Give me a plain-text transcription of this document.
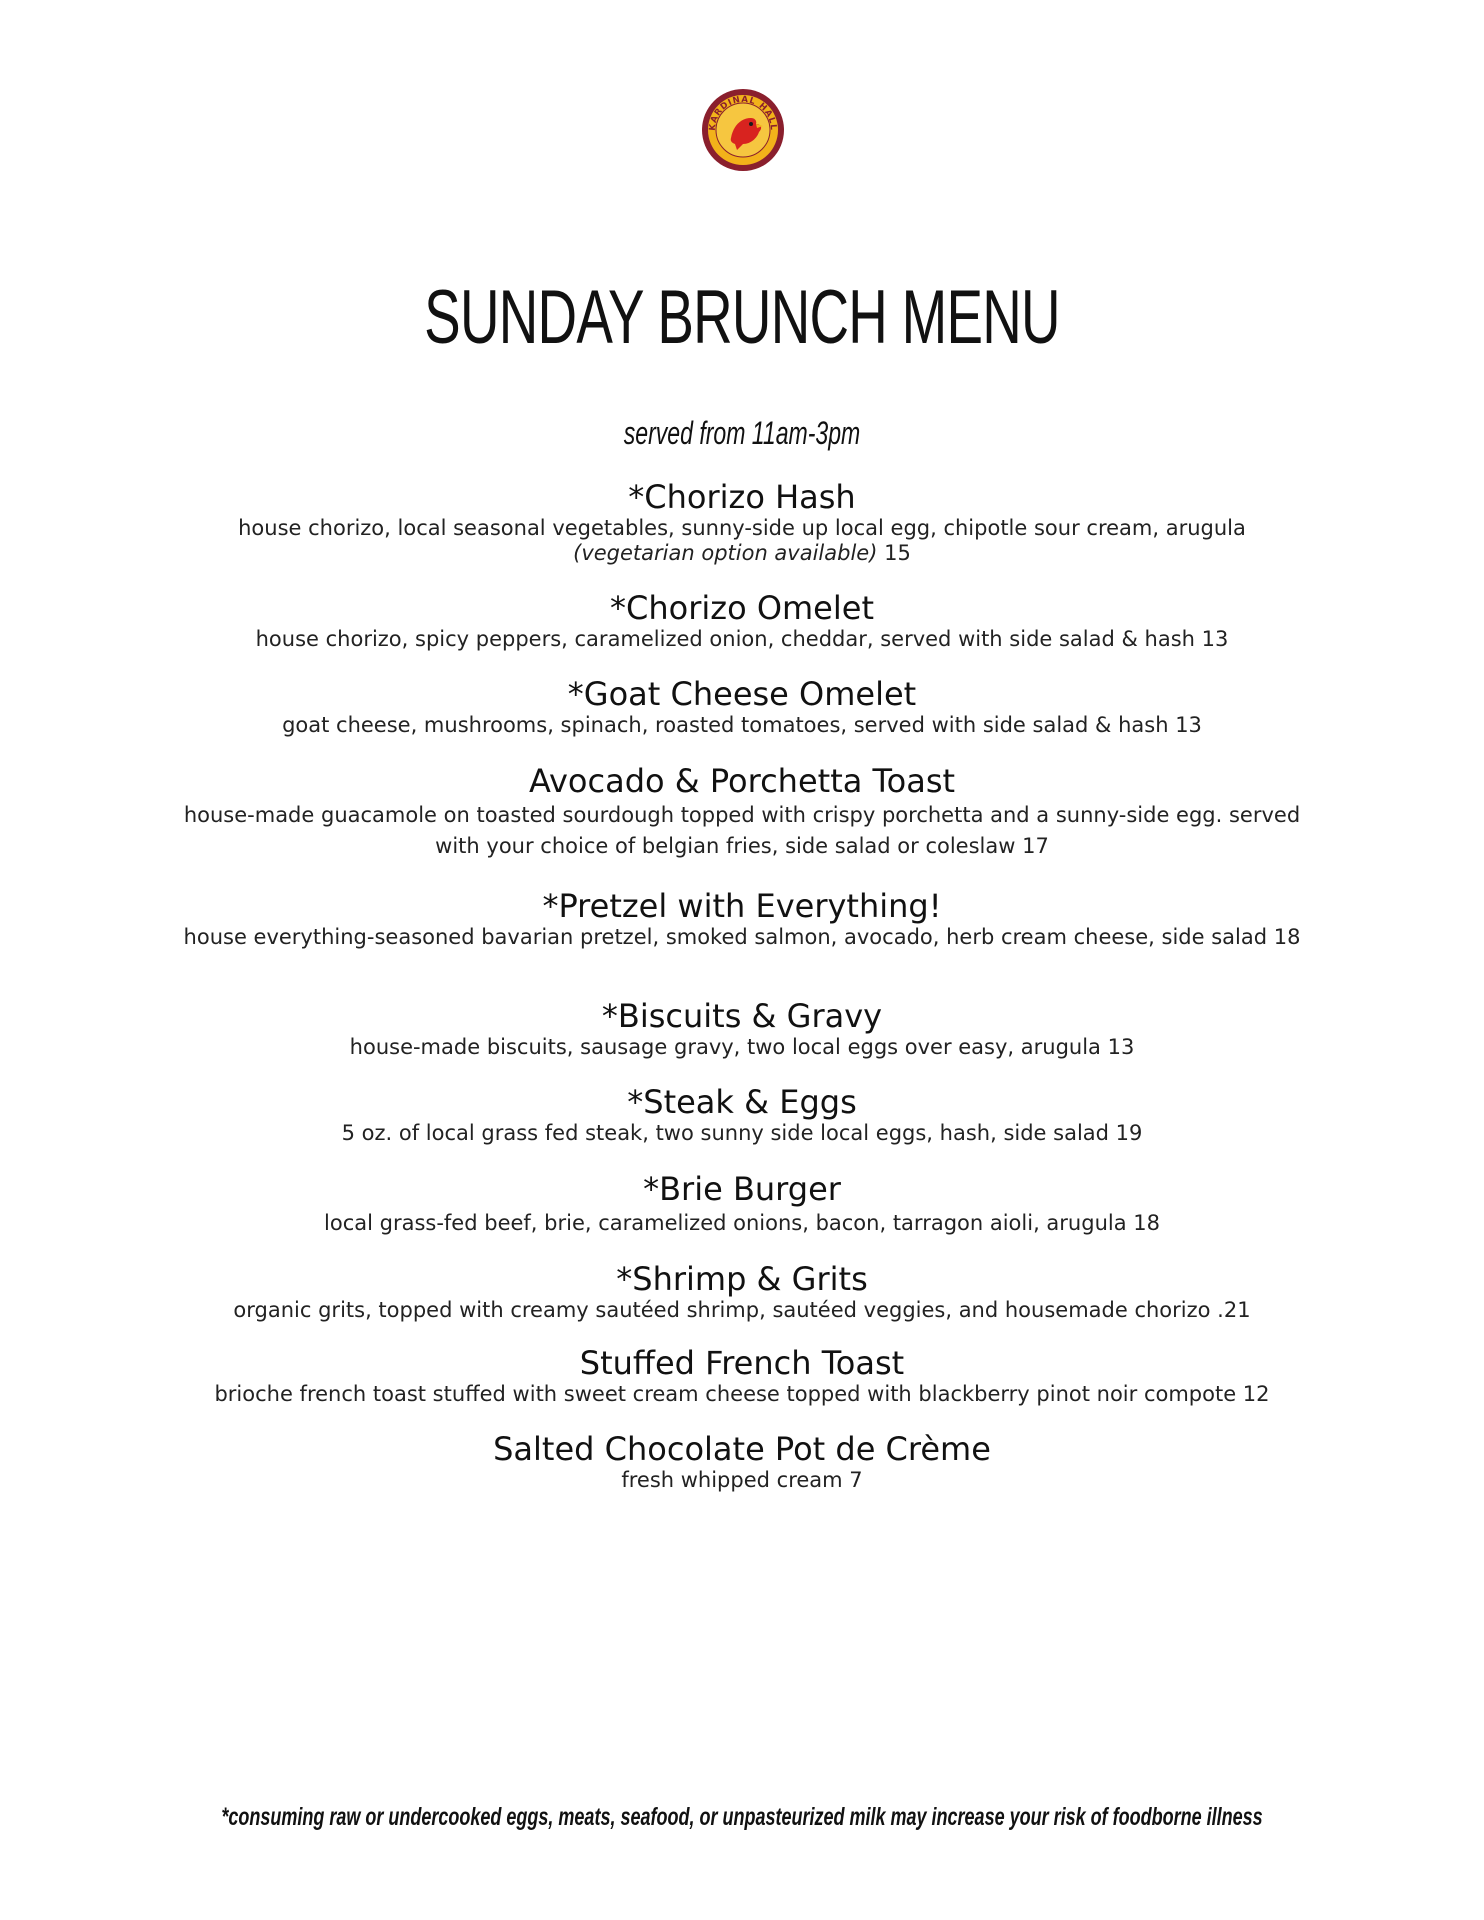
KARDINAL HALL
SUNDAY BRUNCH MENU
served from 11am-3pm
*Chorizo Hash
house chorizo, local seasonal vegetables, sunny-side up local egg, chipotle sour cream, arugula
(vegetarian option available) 15
*Chorizo Omelet
house chorizo, spicy peppers, caramelized onion, cheddar, served with side salad & hash 13
*Goat Cheese Omelet
goat cheese, mushrooms, spinach, roasted tomatoes, served with side salad & hash 13
Avocado & Porchetta Toast
house-made guacamole on toasted sourdough topped with crispy porchetta and a sunny-side egg. served with your choice of belgian fries, side salad or coleslaw 17
*Pretzel with Everything!
house everything-seasoned bavarian pretzel, smoked salmon, avocado, herb cream cheese, side salad 18
*Biscuits & Gravy
house-made biscuits, sausage gravy, two local eggs over easy, arugula 13
*Steak & Eggs
5 oz. of local grass fed steak, two sunny side local eggs, hash, side salad 19
*Brie Burger
local grass-fed beef, brie, caramelized onions, bacon, tarragon aioli, arugula 18
*Shrimp & Grits
organic grits, topped with creamy sautéed shrimp, sautéed veggies, and housemade chorizo .21
Stuffed French Toast
brioche french toast stuffed with sweet cream cheese topped with blackberry pinot noir compote 12
Salted Chocolate Pot de Crème
fresh whipped cream 7
*consuming raw or undercooked eggs, meats, seafood, or unpasteurized milk may increase your risk of foodborne illness
